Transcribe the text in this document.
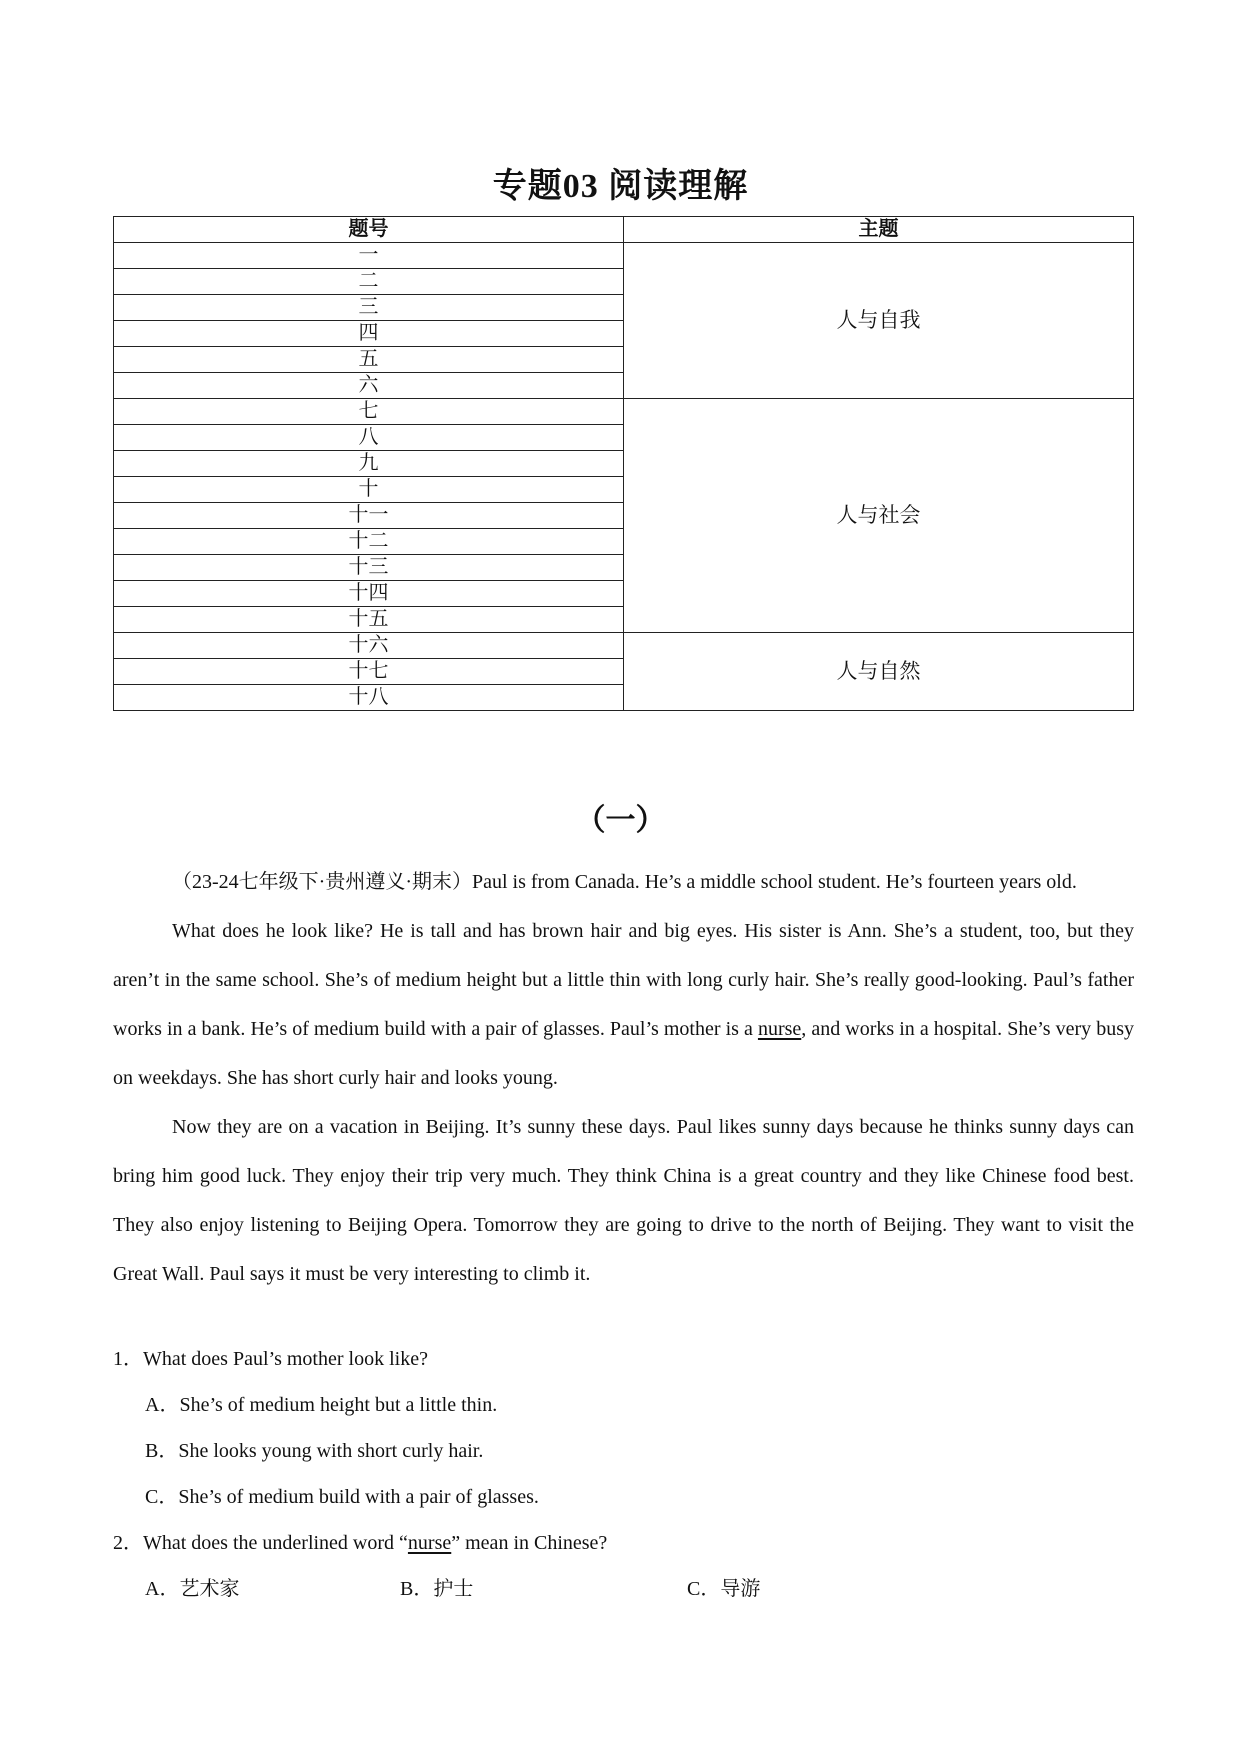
专题03 阅读理解
题号	主题
一	人与自我
二	
三	
四	
五	
六	
七	人与社会
八	
九	
十	
十一	
十二	
十三	
十四	
十五	
十六	人与自然
十七	
十八	
（一）

（23-24七年级下·贵州遵义·期末）Paul is from Canada. He’s a middle school student. He’s fourteen years old.

What does he look like? He is tall and has brown hair and big eyes. His sister is Ann. She’s a student, too, but they aren’t in the same school. She’s of medium height but a little thin with long curly hair. She’s really good-looking. Paul’s father works in a bank. He’s of medium build with a pair of glasses. Paul’s mother is a nurse, and works in a hospital. She’s very busy on weekdays. She has short curly hair and looks young.

Now they are on a vacation in Beijing. It’s sunny these days. Paul likes sunny days because he thinks sunny days can bring him good luck. They enjoy their trip very much. They think China is a great country and they like Chinese food best. They also enjoy listening to Beijing Opera. Tomorrow they are going to drive to the north of Beijing. They want to visit the Great Wall. Paul says it must be very interesting to climb it.

1．What does Paul’s mother look like?
A．She’s of medium height but a little thin.
B．She looks young with short curly hair.
C．She’s of medium build with a pair of glasses.
2．What does the underlined word “nurse” mean in Chinese?
A．艺术家	B．护士	C．导游
